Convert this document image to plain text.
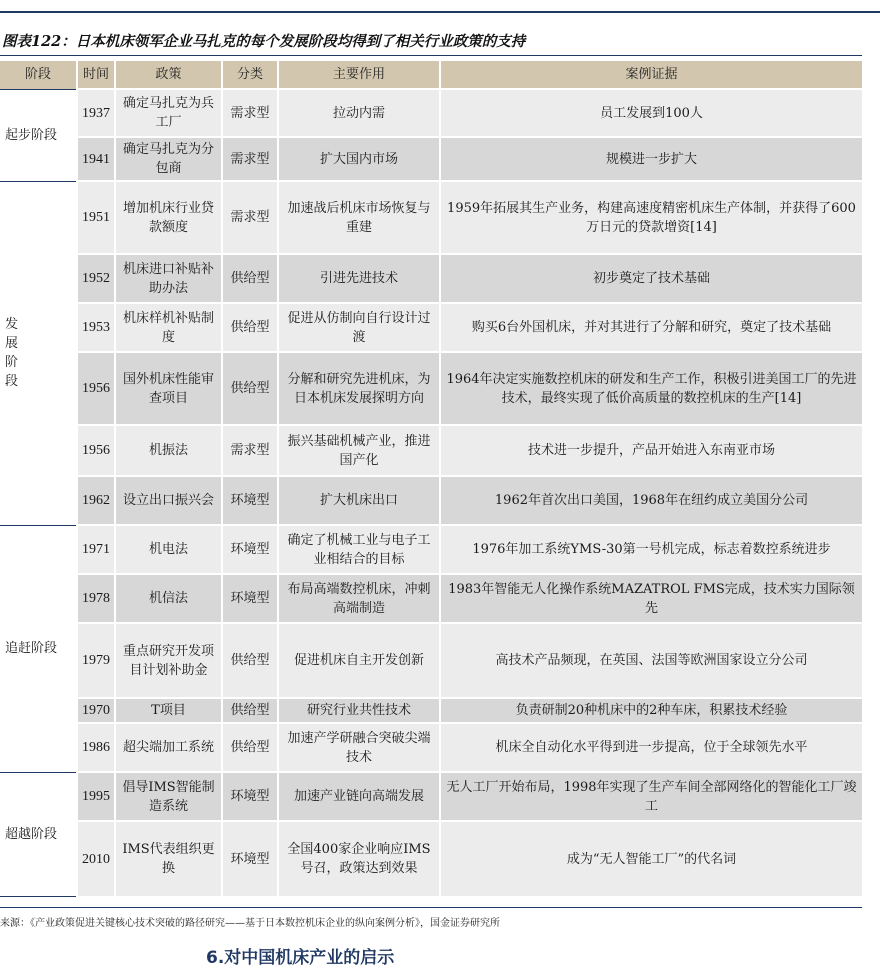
图表122：日本机床领军企业马扎克的每个发展阶段均得到了相关行业政策的支持
阶段	时间	政策	分类	主要作用	案例证据
起步阶段	1937	确定马扎克为兵工厂	需求型	拉动内需	员工发展到100人
	1941	确定马扎克为分包商	需求型	扩大国内市场	规模进一步扩大
发展阶段	1951	增加机床行业贷款额度	需求型	加速战后机床市场恢复与重建	1959年拓展其生产业务，构建高速度精密机床生产体制，并获得了600万日元的贷款增资[14]
	1952	机床进口补贴补助办法	供给型	引进先进技术	初步奠定了技术基础
	1953	机床样机补贴制度	供给型	促进从仿制向自行设计过渡	购买6台外国机床，并对其进行了分解和研究，奠定了技术基础
	1956	国外机床性能审查项目	供给型	分解和研究先进机床，为日本机床发展探明方向	1964年决定实施数控机床的研发和生产工作，积极引进美国工厂的先进技术，最终实现了低价高质量的数控机床的生产[14]
	1956	机振法	需求型	振兴基础机械产业，推进国产化	技术进一步提升，产品开始进入东南亚市场
	1962	设立出口振兴会	环境型	扩大机床出口	1962年首次出口美国，1968年在纽约成立美国分公司
追赶阶段	1971	机电法	环境型	确定了机械工业与电子工业相结合的目标	1976年加工系统YMS-30第一号机完成，标志着数控系统进步
	1978	机信法	环境型	布局高端数控机床，冲刺高端制造	1983年智能无人化操作系统MAZATROL FMS完成，技术实力国际领先
	1979	重点研究开发项目计划补助金	供给型	促进机床自主开发创新	高技术产品频现，在英国、法国等欧洲国家设立分公司
	1970	T项目	供给型	研究行业共性技术	负责研制20种机床中的2种车床，积累技术经验
	1986	超尖端加工系统	供给型	加速产学研融合突破尖端技术	机床全自动化水平得到进一步提高，位于全球领先水平
超越阶段	1995	倡导IMS智能制造系统	环境型	加速产业链向高端发展	无人工厂开始布局，1998年实现了生产车间全部网络化的智能化工厂竣工
	2010	IMS代表组织更换	环境型	全国400家企业响应IMS号召，政策达到效果	成为“无人智能工厂”的代名词
来源：《产业政策促进关键核心技术突破的路径研究——基于日本数控机床企业的纵向案例分析》，国金证券研究所
6.对中国机床产业的启示
